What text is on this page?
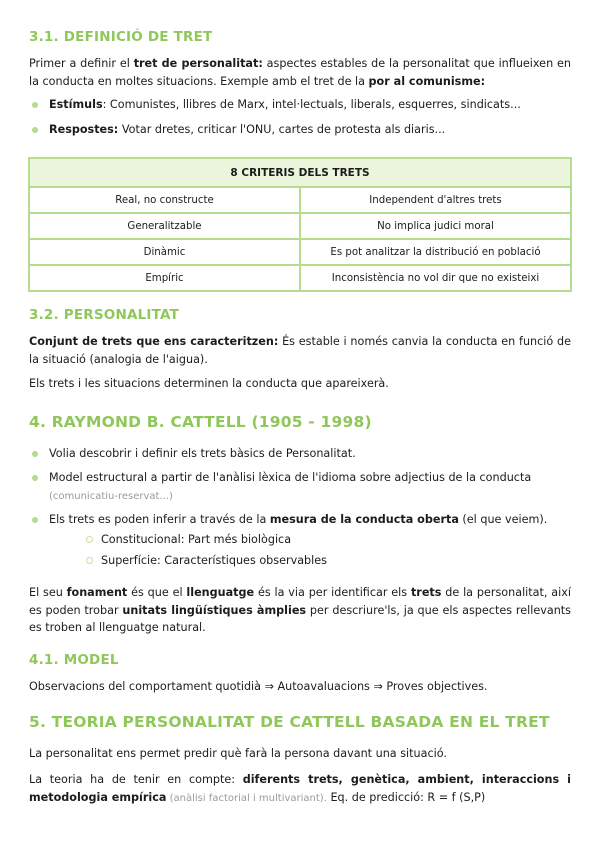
3.1. DEFINICIÓ DE TRET

Primer a definir el tret de personalitat: aspectes estables de la personalitat que influeixen en la conducta en moltes situacions. Exemple amb el tret de la por al comunisme:

Estímuls: Comunistes, llibres de Marx, intel·lectuals, liberals, esquerres, sindicats...

Respostes: Votar dretes, criticar l'ONU, cartes de protesta als diaris...

8 CRITERIS DELS TRETS	
Real, no constructe	Independent d'altres trets
Generalitzable	No implica judici moral
Dinàmic	Es pot analitzar la distribució en població
Empíric	Inconsistència no vol dir que no existeixi
3.2. PERSONALITAT

Conjunt de trets que ens caracteritzen: És estable i només canvia la conducta en funció de la situació (analogia de l'aigua).

Els trets i les situacions determinen la conducta que apareixerà.

4. RAYMOND B. CATTELL (1905 - 1998)

Volia descobrir i definir els trets bàsics de Personalitat.

Model estructural a partir de l'anàlisi lèxica de l'idioma sobre adjectius de la conducta (comunicatiu-reservat...)

Els trets es poden inferir a través de la mesura de la conducta oberta (el que veiem).

Constitucional: Part més biològica

Superfície: Característiques observables

El seu fonament és que el llenguatge és la via per identificar els trets de la personalitat, així es poden trobar unitats lingüístiques àmplies per descriure'ls, ja que els aspectes rellevants es troben al llenguatge natural.

4.1. MODEL

Observacions del comportament quotidià ⇒ Autoavaluacions ⇒ Proves objectives.

5. TEORIA PERSONALITAT DE CATTELL BASADA EN EL TRET

La personalitat ens permet predir què farà la persona davant una situació.

La teoria ha de tenir en compte: diferents trets, genètica, ambient, interaccions i metodologia empírica (anàlisi factorial i multivariant). Eq. de predicció: R = f (S,P)
